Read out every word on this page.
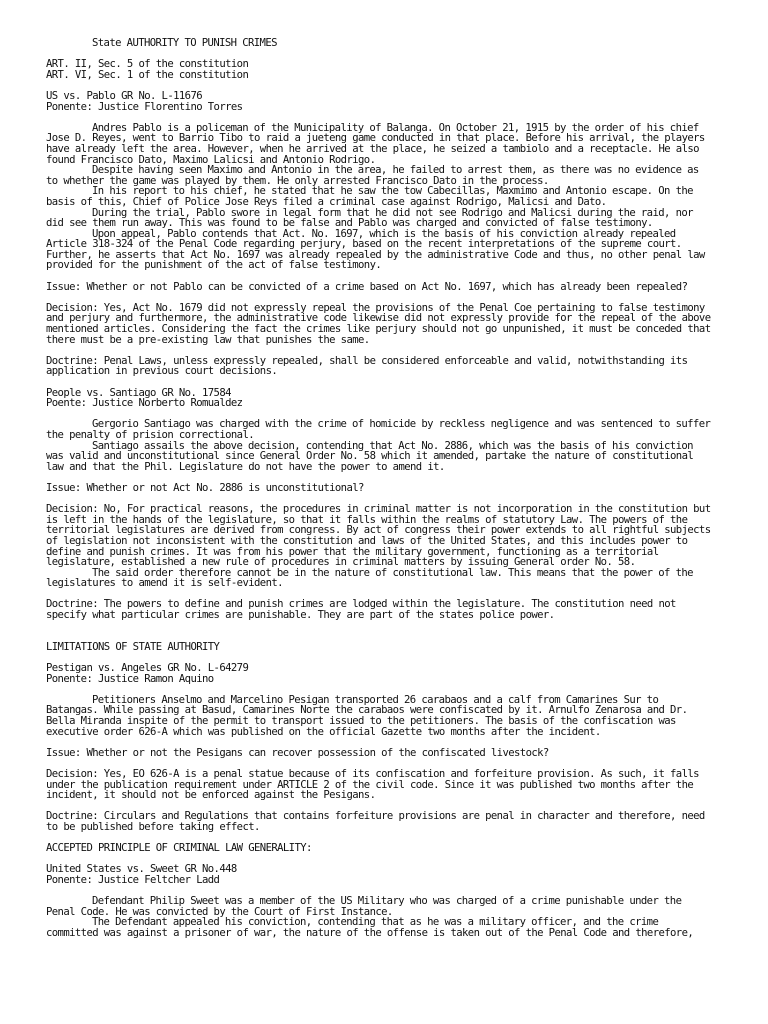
State AUTHORITY TO PUNISH CRIMES
ART. II, Sec. 5 of the constitution
ART. VI, Sec. 1 of the constitution
US vs. Pablo GR No. L-11676
Ponente: Justice Florentino Torres
Andres Pablo is a policeman of the Municipality of Balanga. On October 21, 1915 by the order of his chief
Jose D. Reyes, went to Barrio Tibo to raid a jueteng game conducted in that place. Before his arrival, the players
have already left the area. However, when he arrived at the place, he seized a tambiolo and a receptacle. He also
found Francisco Dato, Maximo Lalicsi and Antonio Rodrigo.
Despite having seen Maximo and Antonio in the area, he failed to arrest them, as there was no evidence as
to whether the game was played by them. He only arrested Francisco Dato in the process.
In his report to his chief, he stated that he saw the tow Cabecillas, Maxmimo and Antonio escape. On the
basis of this, Chief of Police Jose Reys filed a criminal case against Rodrigo, Malicsi and Dato.
During the trial, Pablo swore in legal form that he did not see Rodrigo and Malicsi during the raid, nor
did see them run away. This was found to be false and Pablo was charged and convicted of false testimony.
Upon appeal, Pablo contends that Act. No. 1697, which is the basis of his conviction already repealed
Article 318-324 of the Penal Code regarding perjury, based on the recent interpretations of the supreme court.
Further, he asserts that Act No. 1697 was already repealed by the administrative Code and thus, no other penal law
provided for the punishment of the act of false testimony.
Issue: Whether or not Pablo can be convicted of a crime based on Act No. 1697, which has already been repealed?
Decision: Yes, Act No. 1679 did not expressly repeal the provisions of the Penal Coe pertaining to false testimony
and perjury and furthermore, the administrative code likewise did not expressly provide for the repeal of the above
mentioned articles. Considering the fact the crimes like perjury should not go unpunished, it must be conceded that
there must be a pre-existing law that punishes the same.
Doctrine: Penal Laws, unless expressly repealed, shall be considered enforceable and valid, notwithstanding its
application in previous court decisions.
People vs. Santiago GR No. 17584
Poente: Justice Norberto Romualdez
Gergorio Santiago was charged with the crime of homicide by reckless negligence and was sentenced to suffer
the penalty of prision correctional.
Santiago assails the above decision, contending that Act No. 2886, which was the basis of his conviction
was valid and unconstitutional since General Order No. 58 which it amended, partake the nature of constitutional
law and that the Phil. Legislature do not have the power to amend it.
Issue: Whether or not Act No. 2886 is unconstitutional?
Decision: No, For practical reasons, the procedures in criminal matter is not incorporation in the constitution but
is left in the hands of the legislature, so that it falls within the realms of statutory Law. The powers of the
territorial legislatures are derived from congress. By act of congress their power extends to all rightful subjects
of legislation not inconsistent with the constitution and laws of the United States, and this includes power to
define and punish crimes. It was from his power that the military government, functioning as a territorial
legislature, established a new rule of procedures in criminal matters by issuing General order No. 58.
The said order therefore cannot be in the nature of constitutional law. This means that the power of the
legislatures to amend it is self-evident.
Doctrine: The powers to define and punish crimes are lodged within the legislature. The constitution need not
specify what particular crimes are punishable. They are part of the states police power.
LIMITATIONS OF STATE AUTHORITY
Pestigan vs. Angeles GR No. L-64279
Ponente: Justice Ramon Aquino
Petitioners Anselmo and Marcelino Pesigan transported 26 carabaos and a calf from Camarines Sur to
Batangas. While passing at Basud, Camarines Norte the carabaos were confiscated by it. Arnulfo Zenarosa and Dr.
Bella Miranda inspite of the permit to transport issued to the petitioners. The basis of the confiscation was
executive order 626-A which was published on the official Gazette two months after the incident.
Issue: Whether or not the Pesigans can recover possession of the confiscated livestock?
Decision: Yes, EO 626-A is a penal statue because of its confiscation and forfeiture provision. As such, it falls
under the publication requirement under ARTICLE 2 of the civil code. Since it was published two months after the
incident, it should not be enforced against the Pesigans.
Doctrine: Circulars and Regulations that contains forfeiture provisions are penal in character and therefore, need
to be published before taking effect.
ACCEPTED PRINCIPLE OF CRIMINAL LAW GENERALITY:
United States vs. Sweet GR No.448
Ponente: Justice Feltcher Ladd
Defendant Philip Sweet was a member of the US Military who was charged of a crime punishable under the
Penal Code. He was convicted by the Court of First Instance.
The Defendant appealed his conviction, contending that as he was a military officer, and the crime
committed was against a prisoner of war, the nature of the offense is taken out of the Penal Code and therefore,
